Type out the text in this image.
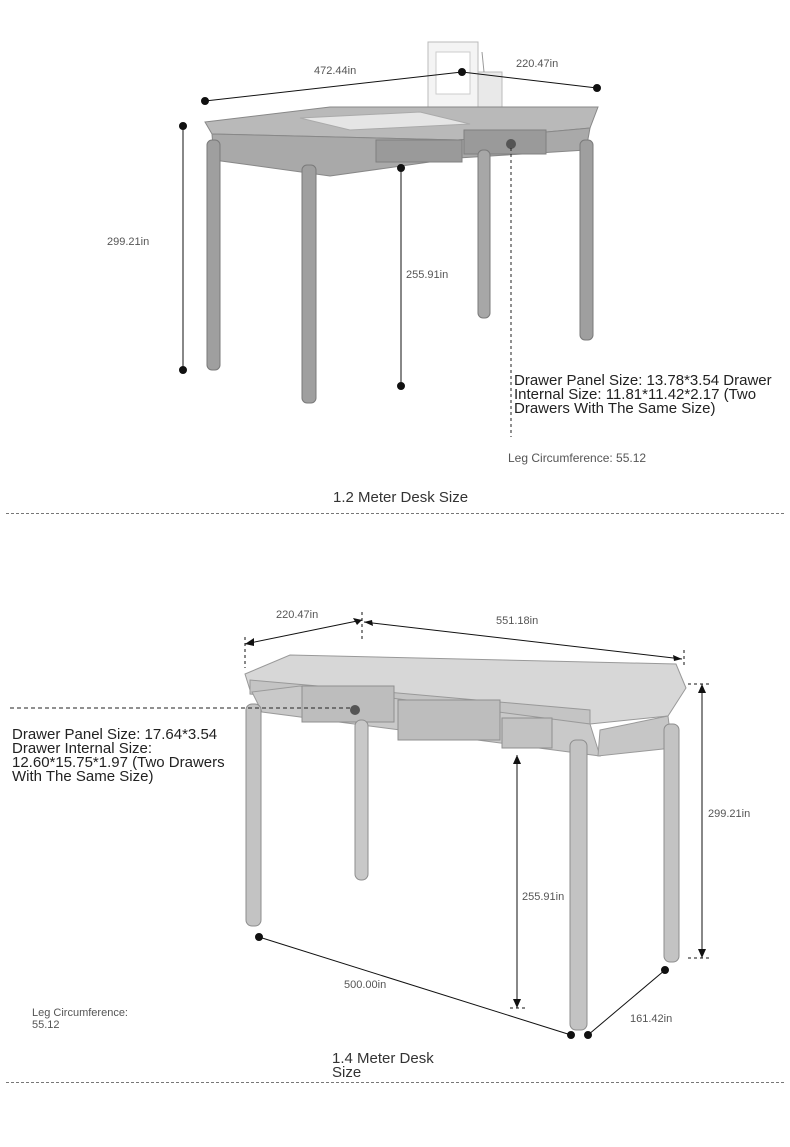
472.44in
220.47in
299.21in
255.91in
Drawer Panel Size: 13.78*3.54 Drawer Internal Size: 11.81*11.42*2.17 (Two Drawers With The Same Size)
Leg Circumference: 55.12
1.2 Meter Desk Size
220.47in	551.18in
299.21in
255.91in
500.00in
161.42in
Drawer Panel Size: 17.64*3.54 Drawer Internal Size: 12.60*15.75*1.97 (Two Drawers With The Same Size)
Leg Circumference: 55.12
1.4 Meter Desk Size
